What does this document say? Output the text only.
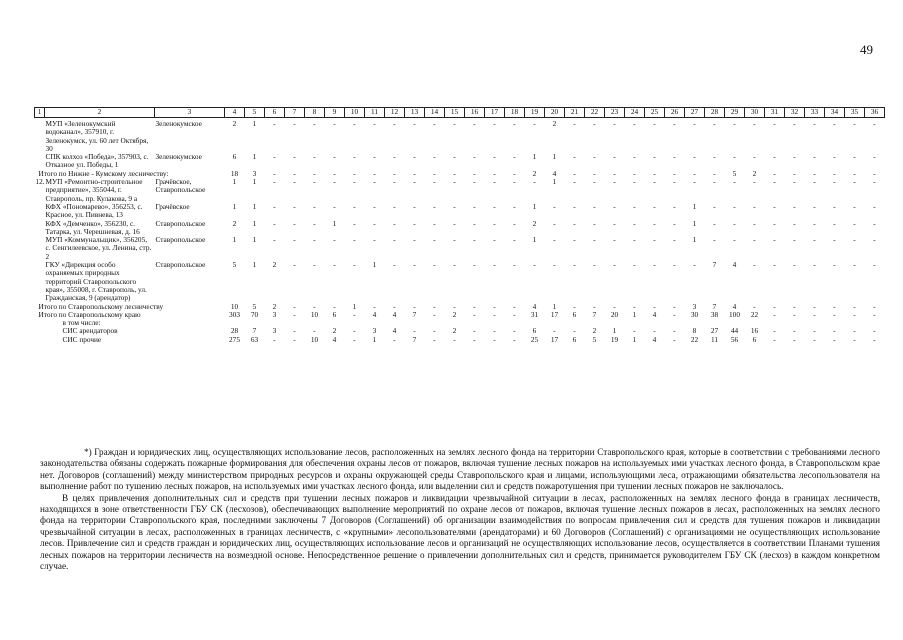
49
1	2	3	4	5	6	7	8	9	10	11	12	13	14	15	16	17	18	19	20	21	22	23	24	25	26	27	28	29	30	31	32	33	34	35	36
	МУП «Зеленокумский водоканал», 357910, г. Зеленокумск, ул. 60 лет Октября, 30	Зеленокумское	2	1	-	-	-	-	-	-	-	-	-	-	-	-	-	-	2	-	-	-	-	-	-	-	-	-	-	-	-	-	-	-	-
	СПК колхоз «Победа», 357903, с. Отказное ул. Победы, 1	Зеленокумское	6	1	-	-	-	-	-	-	-	-	-	-	-	-	-	1	1	-	-	-	-	-	-	-	-	-	-	-	-	-	-	-	-
Итого по Нижне - Кумскому лесничеству:			18	3	-	-	-	-	-	-	-	-	-	-	-	-	-	2	4	-	-	-	-	-	-	-	-	5	2	-	-	-	-	-	-
12.	МУП «Ремонтно-строительное предприятие», 355044, г. Ставрополь, пр. Кулакова, 9 а	Грачёвское, Ставропольское	1	1	-	-	-	-	-	-	-	-	-	-	-	-	-	-	1	-	-	-	-	-	-	-	-	-	-	-	-	-	-	-	-
	КФХ «Пономарево», 356253, с. Красное, ул. Пивнева, 13	Грачёвское	1	1	-	-	-	-	-	-	-	-	-	-	-	-	-	1	-	-	-	-	-	-	-	1	-	-	-	-	-	-	-	-	-
	КФХ «Демченко», 356230, с. Татарка, ул. Черешневая, д. 16	Ставропольское	2	1	-	-	-	1	-	-	-	-	-	-	-	-	-	2	-	-	-	-	-	-	-	1	-	-	-	-	-	-	-	-	-
	МУП «Коммунальщик», 356205, с. Сенгилеевское, ул. Ленина, стр. 2	Ставропольское	1	1	-	-	-	-	-	-	-	-	-	-	-	-	-	1	-	-	-	-	-	-	-	1	-	-	-	-	-	-	-	-	-
	ГКУ «Дирекция особо охраняемых природных территорий Ставропольского края», 355008, г. Ставрополь, ул. Гражданская, 9 (арендатор)	Ставропольское	5	1	2	-	-	-	-	1	-	-	-	-	-	-	-	-	-	-	-	-	-	-	-	-	7	4	-	-	-	-	-	-	-
Итого по Ставропольскому лесничеству			10	5	2	-	-	-	1	-	-	-	-	-	-	-	-	4	1	-	-	-	-	-	-	3	7	4	-	-	-	-	-	-	-
Итого по Ставропольскому краю			303	70	3	-	10	6	-	4	4	7	-	2	-	-	-	31	17	6	7	20	1	4	-	30	38	100	22	-	-	-	-	-	-
в том числе:																																			
СИС арендаторов			28	7	3	-	-	2	-	3	4	-	-	2	-	-	-	6	-	-	2	1	-	-	-	8	27	44	16	-	-	-	-	-	-
СИС прочие			275	63	-	-	10	4	-	1	-	7	-	-	-	-	-	25	17	6	5	19	1	4	-	22	11	56	6	-	-	-	-	-	-

*) Граждан и юридических лиц, осуществляющих использование лесов, расположенных на землях лесного фонда на территории Ставропольского края, которые в соответствии с требованиями лесного законодательства обязаны содержать пожарные формирования для обеспечения охраны лесов от пожаров, включая тушение лесных пожаров на используемых ими участках лесного фонда, в Ставропольском крае нет. Договоров (соглашений) между министерством природных ресурсов и охраны окружающей среды Ставропольского края и лицами, использующими леса, отражающими обязательства лесопользователя на выполнение работ по тушению лесных пожаров, на используемых ими участках лесного фонда, или выделении сил и средств пожаротушения при тушении лесных пожаров не заключалось.

В целях привлечения дополнительных сил и средств при тушении лесных пожаров и ликвидации чрезвычайной ситуации в лесах, расположенных на землях лесного фонда в границах лесничеств, находящихся в зоне ответственности ГБУ СК (лесхозов), обеспечивающих выполнение мероприятий по охране лесов от пожаров, включая тушение лесных пожаров в лесах, расположенных на землях лесного фонда на территории Ставропольского края, последними заключены 7 Договоров (Соглашений) об организации взаимодействия по вопросам привлечения сил и средств для тушения пожаров и ликвидации чрезвычайной ситуации в лесах, расположенных в границах лесничеств, с «крупными» лесопользователями (арендаторами) и 60 Договоров (Соглашений) с организациями не осуществляющих использование лесов. Привлечение сил и средств граждан и юридических лиц, осуществляющих использование лесов и организаций не осуществляющих использование лесов, осуществляется в соответствии Планами тушения лесных пожаров на территории лесничеств на возмездной основе. Непосредственное решение о привлечении дополнительных сил и средств, принимается руководителем ГБУ СК (лесхоз) в каждом конкретном случае.
